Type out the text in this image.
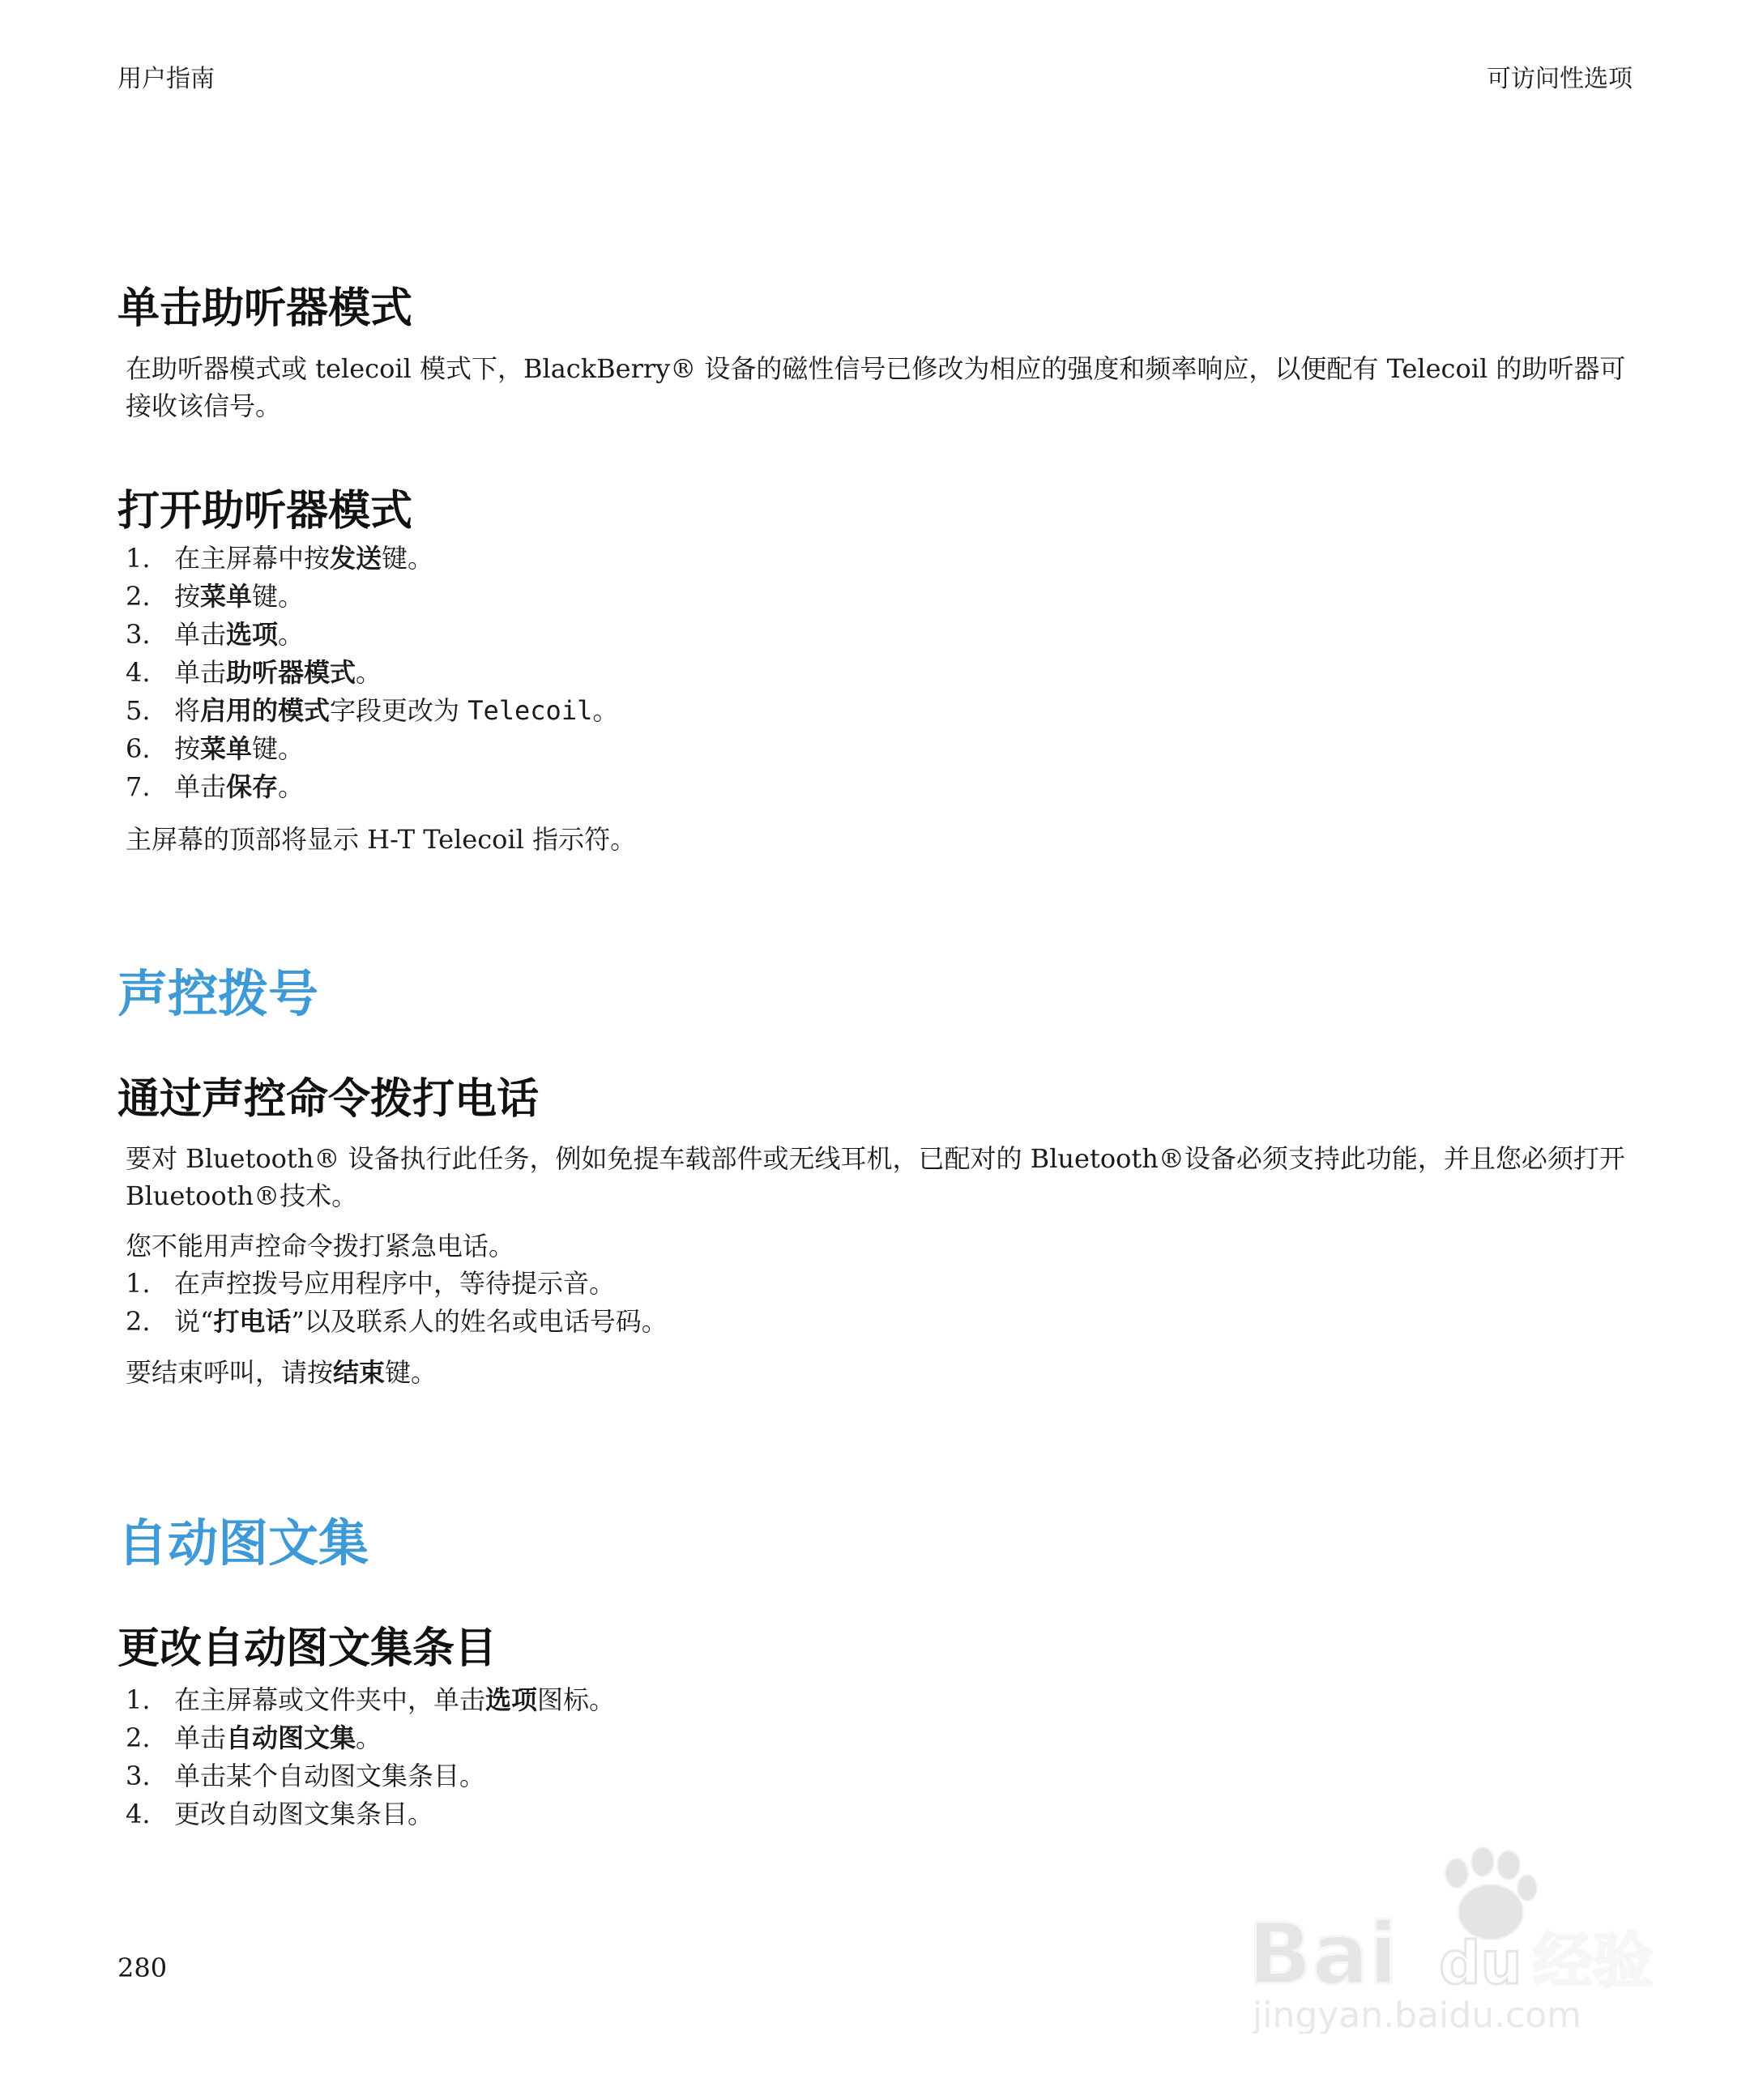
用户指南	可访问性选项
单击助听器模式

在助听器模式或 telecoil 模式下，BlackBerry® 设备的磁性信号已修改为相应的强度和频率响应，以便配有 Telecoil 的助听器可接收该信号。

打开助听器模式
1. 在主屏幕中按发送键。
2. 按菜单键。
3. 单击选项。
4. 单击助听器模式。
5. 将启用的模式字段更改为 Telecoil。
6. 按菜单键。
7. 单击保存。

主屏幕的顶部将显示 H-T Telecoil 指示符。

声控拨号
通过声控命令拨打电话

要对 Bluetooth® 设备执行此任务，例如免提车载部件或无线耳机，已配对的 Bluetooth®设备必须支持此功能，并且您必须打开 Bluetooth®技术。

您不能用声控命令拨打紧急电话。

1. 在声控拨号应用程序中，等待提示音。
2. 说“打电话”以及联系人的姓名或电话号码。

要结束呼叫，请按结束键。

自动图文集
更改自动图文集条目
1. 在主屏幕或文件夹中，单击选项图标。
2. 单击自动图文集。
3. 单击某个自动图文集条目。
4. 更改自动图文集条目。
280	Bai du 经验
jingyan.baidu.com
